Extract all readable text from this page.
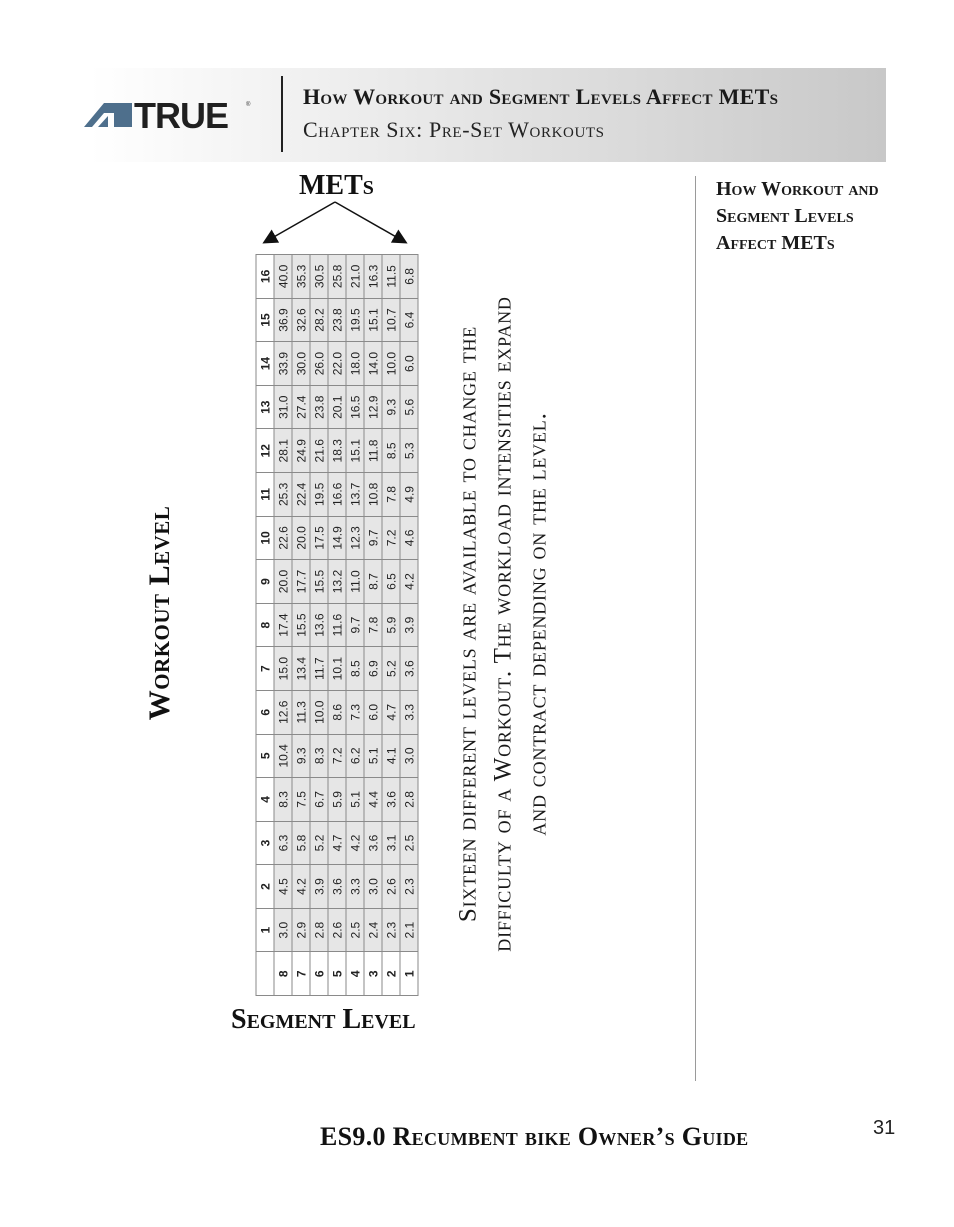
TRUE	® How Workout and Segment Levels Affect METs
Chapter Six: Pre-Set Workouts
How Workout and Segment Levels Affect METs
METs
Workout Level
Segment Level
	1	2	3	4	5	6	7	8	9	10	11	12	13	14	15	16
8	3.0	4.5	6.3	8.3	10.4	12.6	15.0	17.4	20.0	22.6	25.3	28.1	31.0	33.9	36.9	40.0
7	2.9	4.2	5.8	7.5	9.3	11.3	13.4	15.5	17.7	20.0	22.4	24.9	27.4	30.0	32.6	35.3
6	2.8	3.9	5.2	6.7	8.3	10.0	11.7	13.6	15.5	17.5	19.5	21.6	23.8	26.0	28.2	30.5
5	2.6	3.6	4.7	5.9	7.2	8.6	10.1	11.6	13.2	14.9	16.6	18.3	20.1	22.0	23.8	25.8
4	2.5	3.3	4.2	5.1	6.2	7.3	8.5	9.7	11.0	12.3	13.7	15.1	16.5	18.0	19.5	21.0
3	2.4	3.0	3.6	4.4	5.1	6.0	6.9	7.8	8.7	9.7	10.8	11.8	12.9	14.0	15.1	16.3
2	2.3	2.6	3.1	3.6	4.1	4.7	5.2	5.9	6.5	7.2	7.8	8.5	9.3	10.0	10.7	11.5
1	2.1	2.3	2.5	2.8	3.0	3.3	3.6	3.9	4.2	4.6	4.9	5.3	5.6	6.0	6.4	6.8
Sixteen different levels are available to change the difficulty of a Workout. The workload intensities expand and contract depending on the level.
ES9.0 Recumbent bike Owner’s Guide	31
